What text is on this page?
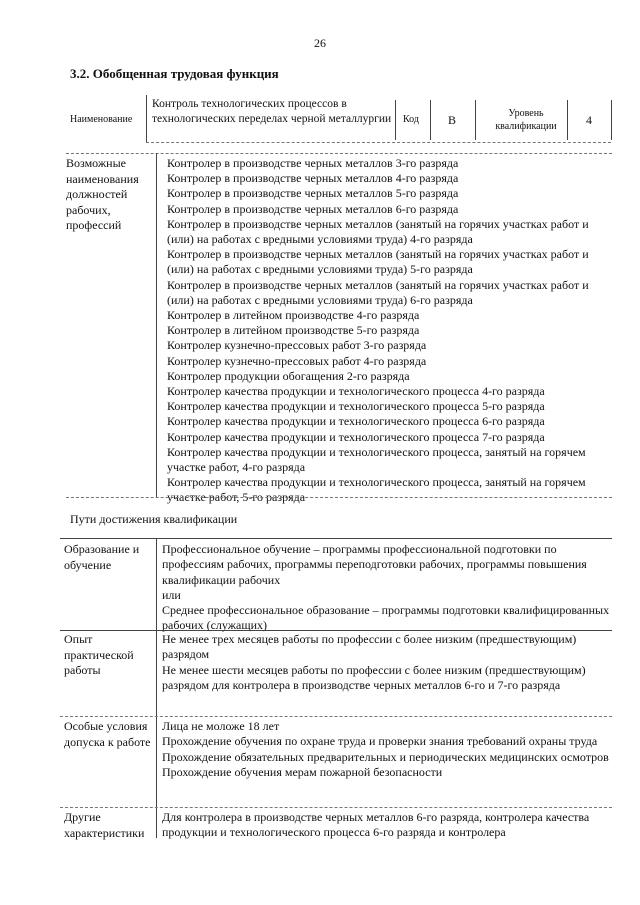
26
3.2. Обобщенная трудовая функция
Наименование
Контроль технологических процессов в технологических переделах черной металлургии Код В	Уровень квалификации	4
Возможные наименования должностей рабочих, профессий
Контролер в производстве черных металлов 3-го разряда
Контролер в производстве черных металлов 4-го разряда
Контролер в производстве черных металлов 5-го разряда
Контролер в производстве черных металлов 6-го разряда
Контролер в производстве черных металлов (занятый на горячих участках работ и (или) на работах с вредными условиями труда) 4-го разряда
Контролер в производстве черных металлов (занятый на горячих участках работ и (или) на работах с вредными условиями труда) 5-го разряда
Контролер в производстве черных металлов (занятый на горячих участках работ и (или) на работах с вредными условиями труда) 6-го разряда
Контролер в литейном производстве 4-го разряда
Контролер в литейном производстве 5-го разряда
Контролер кузнечно-прессовых работ 3-го разряда
Контролер кузнечно-прессовых работ 4-го разряда
Контролер продукции обогащения 2-го разряда
Контролер качества продукции и технологического процесса 4-го разряда
Контролер качества продукции и технологического процесса 5-го разряда
Контролер качества продукции и технологического процесса 6-го разряда
Контролер качества продукции и технологического процесса 7-го разряда
Контролер качества продукции и технологического процесса, занятый на горячем участке работ, 4-го разряда
Контролер качества продукции и технологического процесса, занятый на горячем участке работ, 5-го разряда
Пути достижения квалификации
Образование и обучение

Профессиональное обучение – программы профессиональной подготовки по профессиям рабочих, программы переподготовки рабочих, программы повышения квалификации рабочих

или

Среднее профессиональное образование – программы подготовки квалифицированных рабочих (служащих)

Опыт практической работы

Не менее трех месяцев работы по профессии с более низким (предшествующим) разрядом

Не менее шести месяцев работы по профессии с более низким (предшествующим) разрядом для контролера в производстве черных металлов 6-го и 7-го разряда

Особые условия допуска к работе

Лица не моложе 18 лет

Прохождение обучения по охране труда и проверки знания требований охраны труда

Прохождение обязательных предварительных и периодических медицинских осмотров

Прохождение обучения мерам пожарной безопасности

Другие характеристики

Для контролера в производстве черных металлов 6-го разряда, контролера качества продукции и технологического процесса 6-го разряда и контролера
